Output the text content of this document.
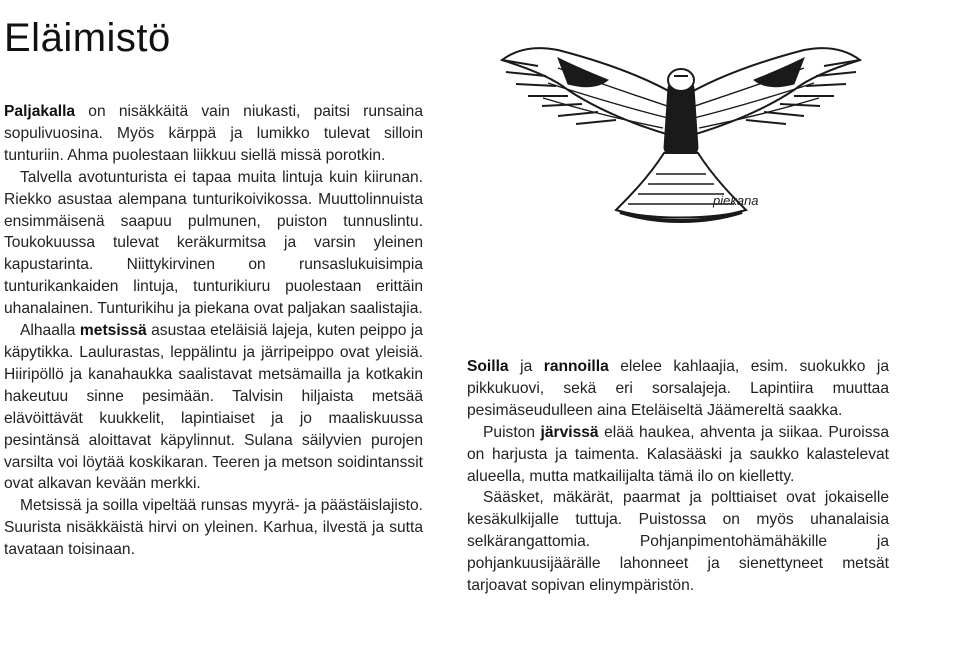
Eläimistö

Paljakalla on nisäkkäitä vain niukasti, paitsi runsaina sopulivuosina. Myös kärppä ja lumikko tulevat silloin tunturiin. Ahma puolestaan liikkuu siellä missä porotkin.

Talvella avotunturista ei tapaa muita lintuja kuin kiirunan. Riekko asustaa alempana tunturikoivikossa. Muuttolinnuista ensimmäisenä saapuu pulmunen, puiston tunnuslintu. Toukokuussa tulevat keräkurmitsa ja varsin yleinen kapustarinta. Niittykirvinen on runsaslukuisimpia tunturikankaiden lintuja, tunturikiuru puolestaan erittäin uhanalainen. Tunturikihu ja piekana ovat paljakan saalistajia.

Alhaalla metsissä asustaa eteläisiä lajeja, kuten peippo ja käpytikka. Laulurastas, leppälintu ja järripeippo ovat yleisiä. Hiiripöllö ja kanahaukka saalistavat metsämailla ja kotkakin hakeutuu sinne pesimään. Talvisin hiljaista metsää elävöittävät kuukkelit, lapintiaiset ja jo maaliskuussa pesintänsä aloittavat käpylinnut. Sulana säilyvien purojen varsilta voi löytää koskikaran. Teeren ja metson soidintanssit ovat alkavan kevään merkki.

Metsissä ja soilla vipeltää runsas myyrä- ja päästäislajisto. Suurista nisäkkäistä hirvi on yleinen. Karhua, ilvestä ja sutta tavataan toisinaan.

piekana

Soilla ja rannoilla elelee kahlaajia, esim. suokukko ja pikkukuovi, sekä eri sorsalajeja. Lapintiira muuttaa pesimäseudulleen aina Eteläiseltä Jäämereltä saakka.

Puiston järvissä elää haukea, ahventa ja siikaa. Puroissa on harjusta ja taimenta. Kalasääski ja saukko kalastelevat alueella, mutta matkailijalta tämä ilo on kielletty.

Sääsket, mäkärät, paarmat ja polttiaiset ovat jokaiselle kesäkulkijalle tuttuja. Puistossa on myös uhanalaisia selkärangattomia. Pohjanpimentohämähäkille ja pohjankuusijäärälle lahonneet ja sienettyneet metsät tarjoavat sopivan elinympäristön.
